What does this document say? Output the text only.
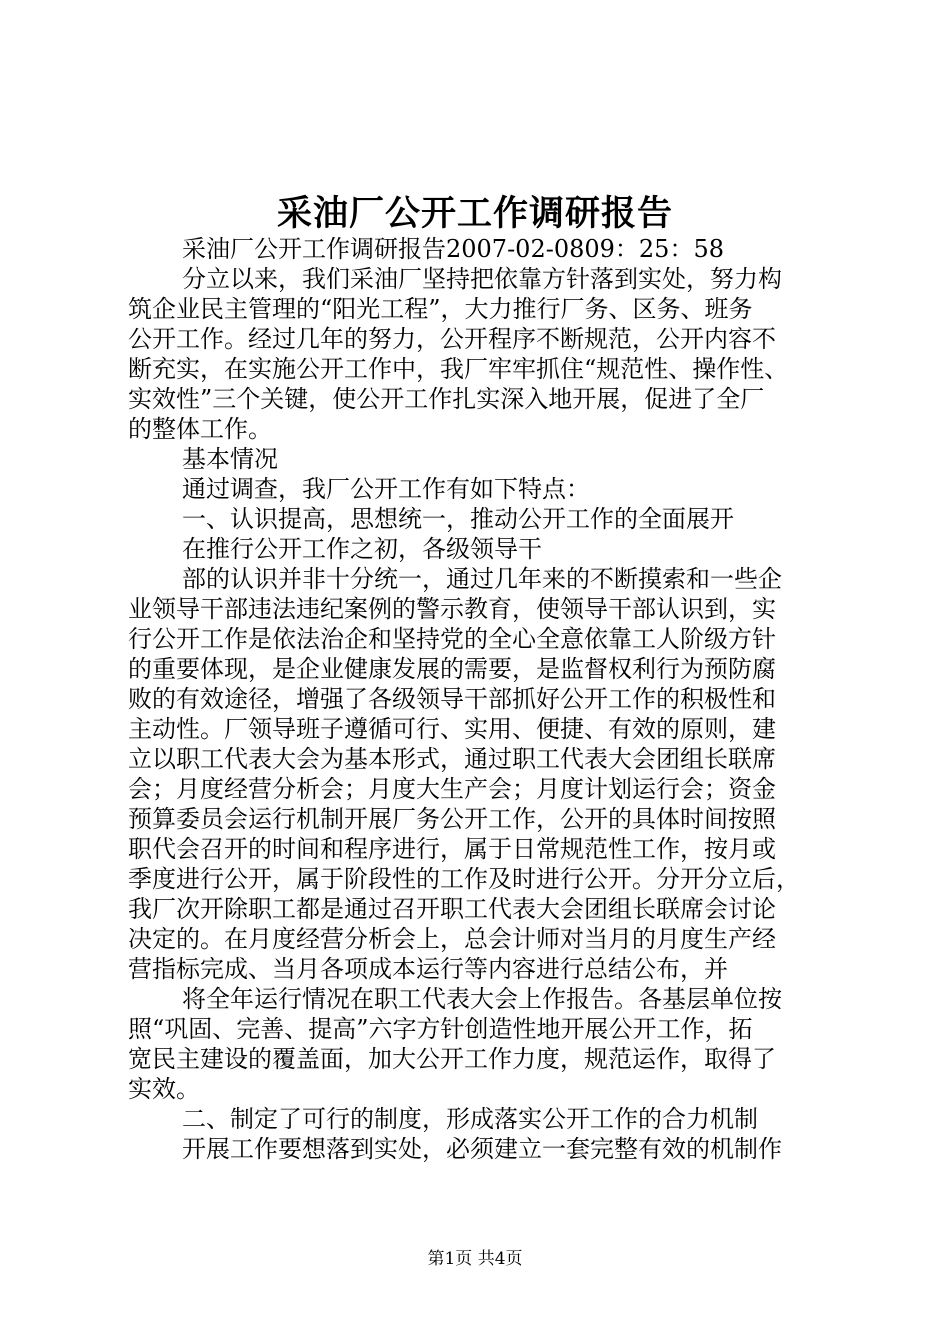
采油厂公开工作调研报告
采油厂公开工作调研报告2007-02-0809：25：58
分立以来，我们采油厂坚持把依靠方针落到实处，努力构
筑企业民主管理的“阳光工程”，大力推行厂务、区务、班务
公开工作。经过几年的努力，公开程序不断规范，公开内容不
断充实，在实施公开工作中，我厂牢牢抓住“规范性、操作性、
实效性”三个关键，使公开工作扎实深入地开展，促进了全厂
的整体工作。
基本情况
通过调查，我厂公开工作有如下特点：
一、认识提高，思想统一，推动公开工作的全面展开
在推行公开工作之初，各级领导干
部的认识并非十分统一，通过几年来的不断摸索和一些企
业领导干部违法违纪案例的警示教育，使领导干部认识到，实
行公开工作是依法治企和坚持党的全心全意依靠工人阶级方针
的重要体现，是企业健康发展的需要，是监督权利行为预防腐
败的有效途径，增强了各级领导干部抓好公开工作的积极性和
主动性。厂领导班子遵循可行、实用、便捷、有效的原则，建
立以职工代表大会为基本形式，通过职工代表大会团组长联席
会；月度经营分析会；月度大生产会；月度计划运行会；资金
预算委员会运行机制开展厂务公开工作，公开的具体时间按照
职代会召开的时间和程序进行，属于日常规范性工作，按月或
季度进行公开，属于阶段性的工作及时进行公开。分开分立后，
我厂次开除职工都是通过召开职工代表大会团组长联席会讨论
决定的。在月度经营分析会上，总会计师对当月的月度生产经
营指标完成、当月各项成本运行等内容进行总结公布，并
将全年运行情况在职工代表大会上作报告。各基层单位按
照“巩固、完善、提高”六字方针创造性地开展公开工作，拓
宽民主建设的覆盖面，加大公开工作力度，规范运作，取得了
实效。
二、制定了可行的制度，形成落实公开工作的合力机制
开展工作要想落到实处，必须建立一套完整有效的机制作
第1页 共4页
